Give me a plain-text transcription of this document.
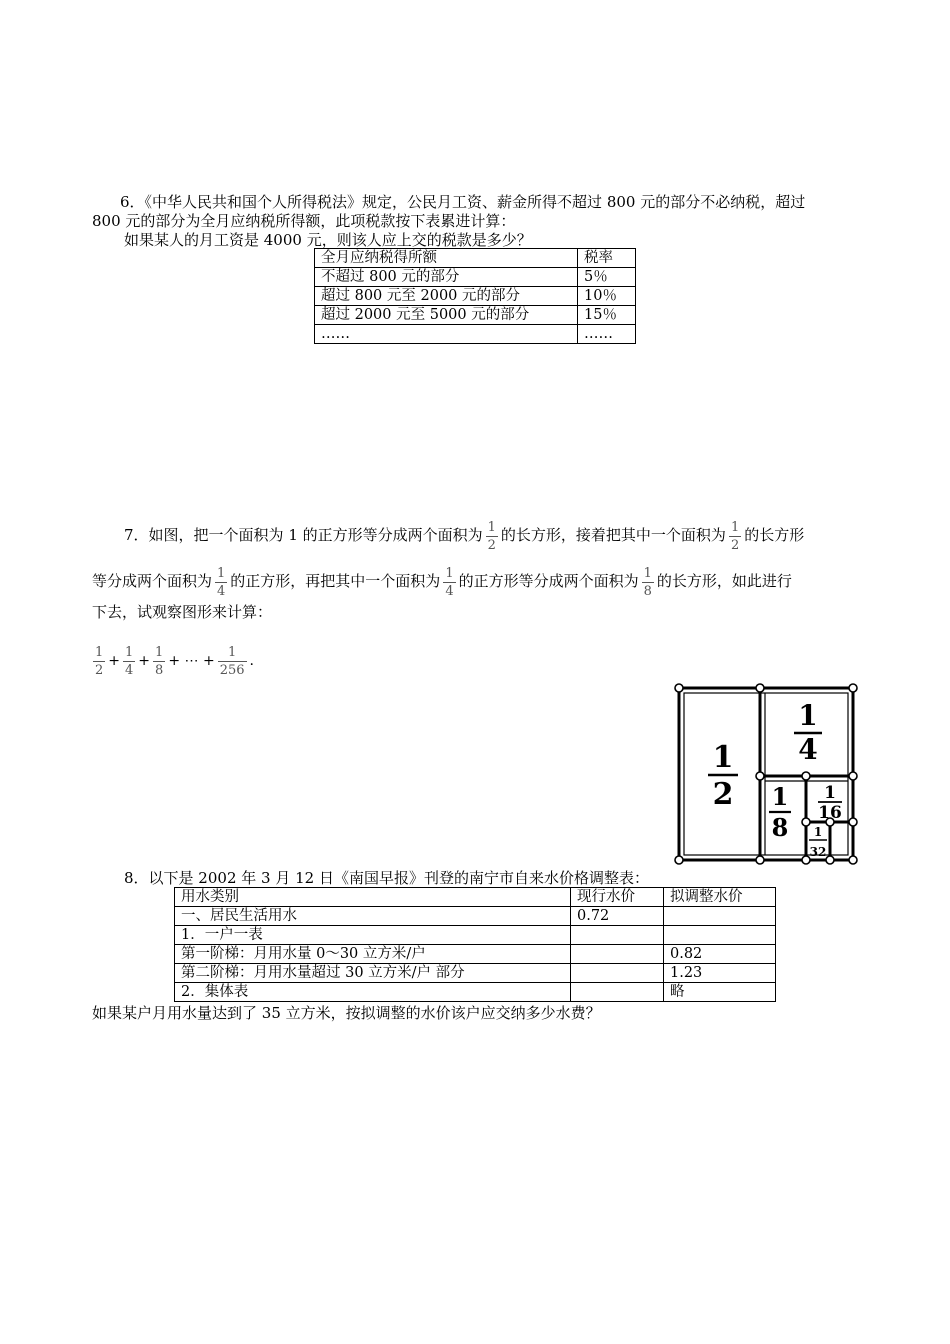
6．《中华人民共和国个人所得税法》规定，公民月工资、薪金所得不超过 800 元的部分不必纳税，超过
800 元的部分为全月应纳税所得额，此项税款按下表累进计算：
如果某人的月工资是 4000 元，则该人应上交的税款是多少？
全月应纳税得所额	税率
不超过 800 元的部分	5％
超过 800 元至 2000 元的部分	10％
超过 2000 元至 5000 元的部分	15％
……	……
7．如图，把一个面积为 1 的正方形等分成两个面积为 $\frac{1}{2}$ 的长方形，接着把其中一个面积为 $\frac{1}{2}$ 的长方形
等分成两个面积为 $\frac{1}{4}$ 的正方形，再把其中一个面积为 $\frac{1}{4}$ 的正方形等分成两个面积为 $\frac{1}{8}$ 的长方形，如此进行
下去，试观察图形来计算：
$\frac{1}{2} + \frac{1}{4} + \frac{1}{8}$ + ⋯ + $\frac{1}{256}$ .
1
2
1
4
1
8
1
16
1
32
8．以下是 2002 年 3 月 12 日《南国早报》刊登的南宁市自来水价格调整表：
用水类别	现行水价	拟调整水价
一、居民生活用水	0.72	
1．一户一表		
第一阶梯：月用水量 0～30 立方米/户		0.82
第二阶梯：月用水量超过 30 立方米/户 部分		1.23
2．集体表		略
如果某户月用水量达到了 35 立方米，按拟调整的水价该户应交纳多少水费？
